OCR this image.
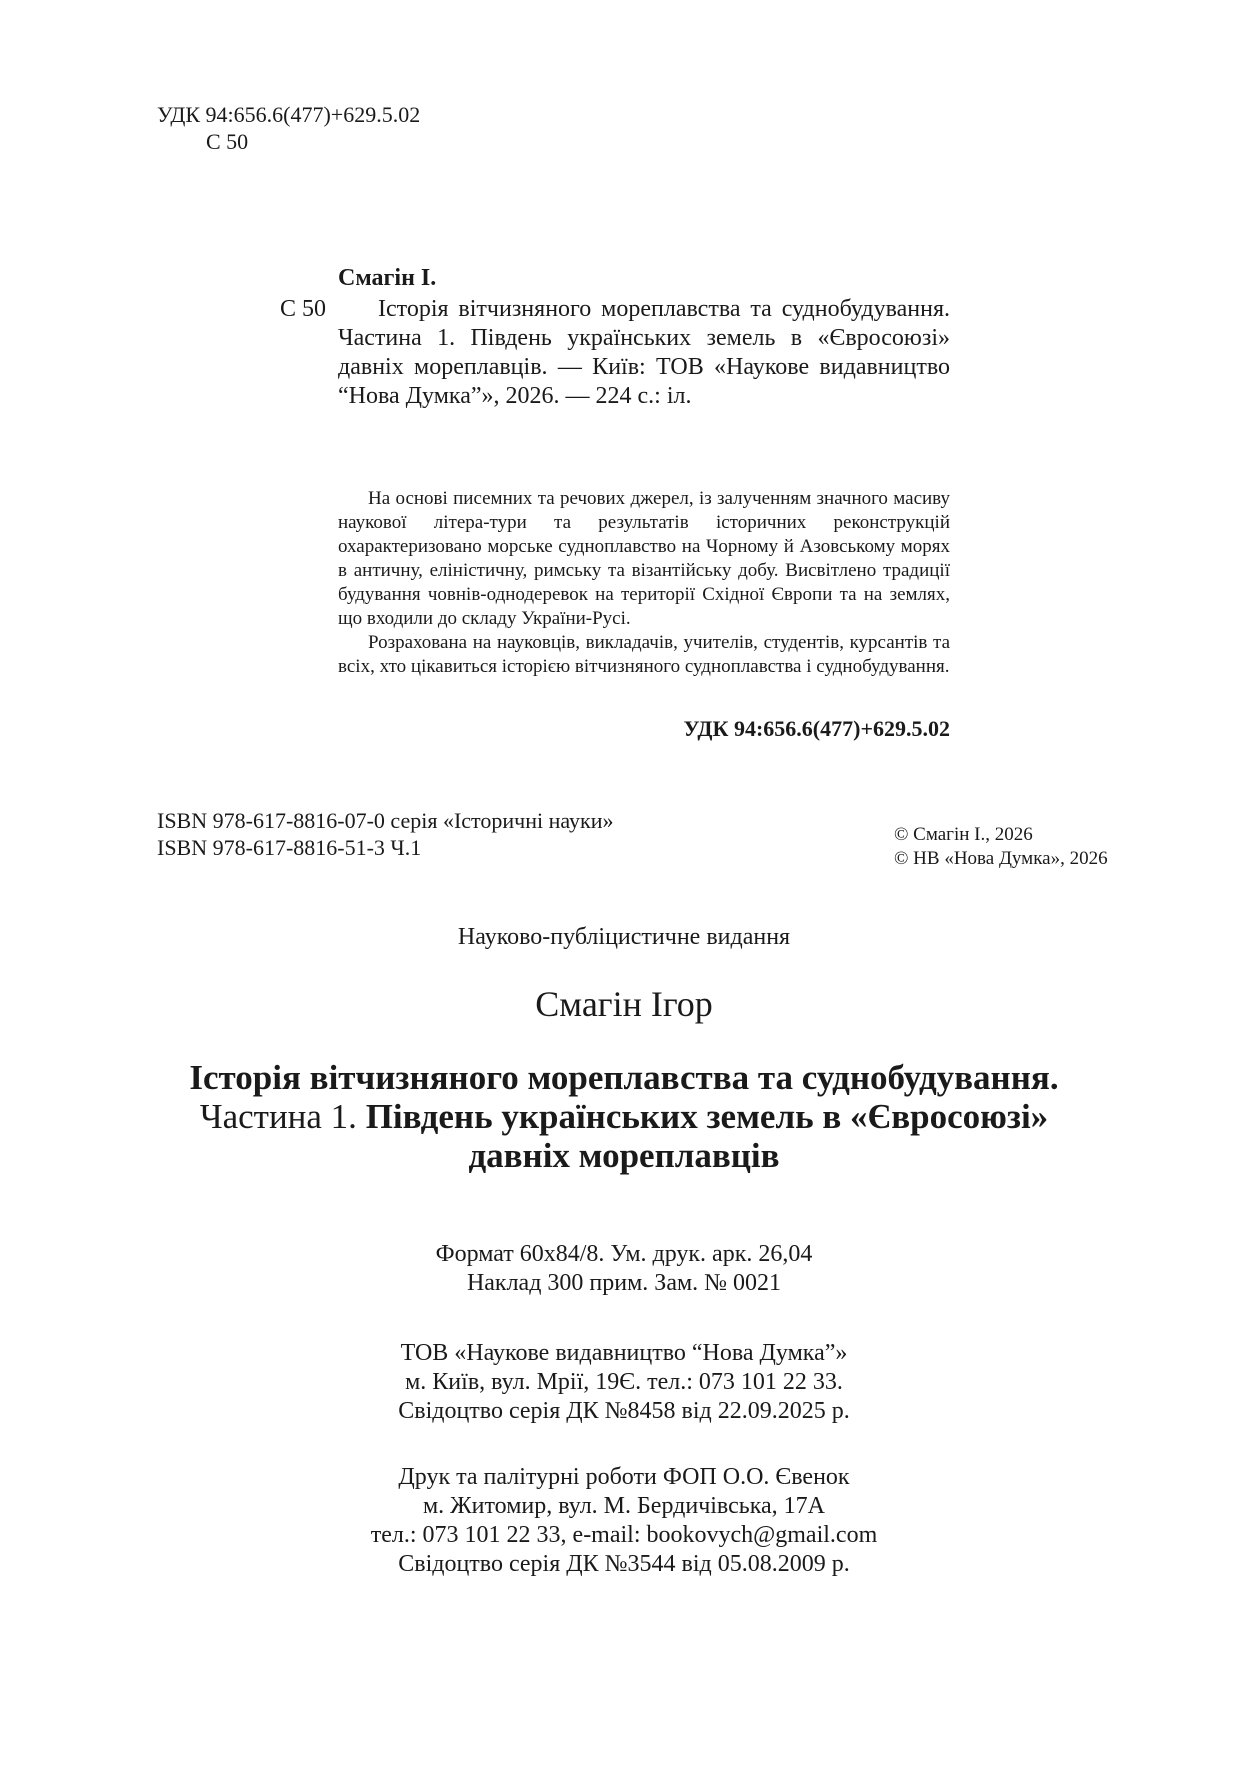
УДК 94:656.6(477)+629.5.02
С 50
Смагін І.
С 50	Історія вітчизняного мореплавства та суднобудування. Частина 1. Південь українських земель в «Євросоюзі» давніх мореплавців. — Київ: ТОВ «Наукове видавництво “Нова Думка”», 2026. — 224 с.: іл.

На основі писемних та речових джерел, із залученням значного масиву наукової літера-тури та результатів історичних реконструкцій охарактеризовано морське судноплавство на Чорному й Азовському морях в античну, еліністичну, римську та візантійську добу. Висвітлено традиції будування човнів-однодеревок на території Східної Європи та на землях, що входили до складу України-Русі.

Розрахована на науковців, викладачів, учителів, студентів, курсантів та всіх, хто цікавиться історією вітчизняного судноплавства і суднобудування.

УДК 94:656.6(477)+629.5.02
ISBN 978-617-8816-07-0 серія «Історичні науки»
ISBN 978-617-8816-51-3 Ч.1
© Смагін І., 2026
© НВ «Нова Думка», 2026
Науково-публіцистичне видання
Смагін Ігор
Історія вітчизняного мореплавства та суднобудування.
Частина 1. Південь українських земель в «Євросоюзі»
давніх мореплавців
Формат 60х84/8. Ум. друк. арк. 26,04
Наклад 300 прим. Зам. № 0021
ТОВ «Наукове видавництво “Нова Думка”»
м. Київ, вул. Мрії, 19Є. тел.: 073 101 22 33.
Свідоцтво серія ДК №8458 від 22.09.2025 р.
Друк та палітурні роботи ФОП О.О. Євенок
м. Житомир, вул. М. Бердичівська, 17А
тел.: 073 101 22 33, e-mail: bookovych@gmail.com
Свідоцтво серія ДК №3544 від 05.08.2009 р.
